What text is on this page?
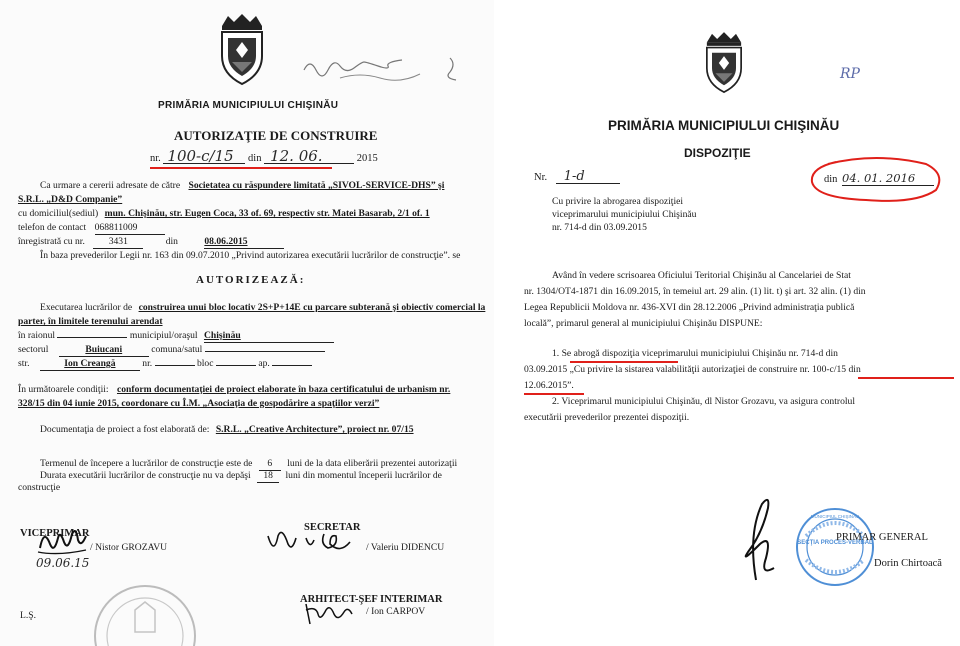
PRIMĂRIA MUNICIPIULUI CHIŞINĂU
AUTORIZAŢIE DE CONSTRUIRE
nr. 100-c/15 din 12. 06.	2015
Ca urmare a cererii adresate de către Societatea cu răspundere limitată „SIVOL-SERVICE-DHS” şi
S.R.L. „D&D Companie”
cu domiciliul(sediul) mun. Chişinău, str. Eugen Coca, 33 of. 69, respectiv str. Matei Basarab, 2/1 of. 1
telefon de contact 068811009
înregistrată cu nr. 3431	din	08.06.2015
În baza prevederilor Legii nr. 163 din 09.07.2010 „Privind autorizarea executării lucrărilor de construcţie”. se
AUTORIZEAZĂ:
Executarea lucrărilor de construirea unui bloc locativ 2S+P+14E cu parcare subterană şi obiectiv comercial la
parter, în limitele terenului arendat
în raionul	municipiul/oraşul Chişinău
sectorul	Buiucani	comuna/satul
str.	Ion Creangă	nr.	bloc	ap.
În următoarele condiţii: conform documentaţiei de proiect elaborate în baza certificatului de urbanism nr.
328/15 din 04 iunie 2015, coordonare cu Î.M. „Asociaţia de gospodărire a spaţiilor verzi”
Documentaţia de proiect a fost elaborată de: S.R.L. „Creative Architecture”, proiect nr. 07/15
Termenul de începere a lucrărilor de construcţie este de 6 luni de la data eliberării prezentei autorizaţii
Durata executării lucrărilor de construcţie nu va depăşi 18 luni din momentul începerii lucrărilor de
construcţie
VICEPRIMAR
/ Nistor GROZAVU
09.06.15
SECRETAR
/ Valeriu DIDENCU
ARHITECT-ŞEF INTERIMAR
/ Ion CARPOV
L.Ş.
RP
PRIMĂRIA MUNICIPIULUI CHIŞINĂU
DISPOZIŢIE
Nr. 1-d	din 04. 01. 2016
Cu privire la abrogarea dispoziţiei
viceprimarului municipiului Chişinău
nr. 714-d din 03.09.2015
Având în vedere scrisoarea Oficiului Teritorial Chişinău al Cancelariei de Stat
nr. 1304/OT4-1871 din 16.09.2015, în temeiul art. 29 alin. (1) lit. t) şi art. 32 alin. (1) din
Legea Republicii Moldova nr. 436-XVI din 28.12.2006 „Privind administraţia publică
locală”, primarul general al municipiului Chişinău DISPUNE:
1. Se abrogă dispoziţia viceprimarului municipiului Chişinău nr. 714-d din
03.09.2015 „Cu privire la sistarea valabilităţii autorizaţiei de construire nr. 100-c/15 din
12.06.2015”.
2. Viceprimarul municipiului Chişinău, dl Nistor Grozavu, va asigura controlul
executării prevederilor prezentei dispoziţii.
SECŢIA PROCES-VERBAL
MUNICIPIUL CHIŞINĂU
PRIMAR GENERAL
Dorin Chirtoacă
